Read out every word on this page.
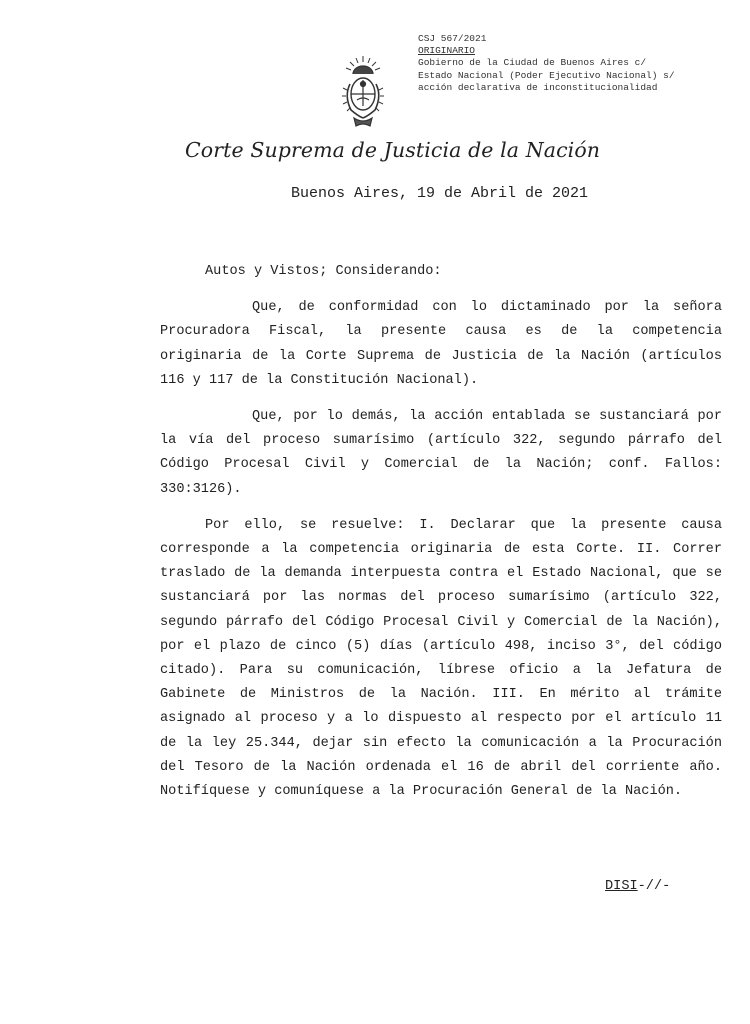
CSJ 567/2021
ORIGINARIO
Gobierno de la Ciudad de Buenos Aires c/
Estado Nacional (Poder Ejecutivo Nacional) s/
acción declarativa de inconstitucionalidad
Corte Suprema de Justicia de la Nación
Buenos Aires, 19 de Abril de 2021

Autos y Vistos; Considerando:

Que, de conformidad con lo dictaminado por la señora Procuradora Fiscal, la presente causa es de la competencia originaria de la Corte Suprema de Justicia de la Nación (artículos 116 y 117 de la Constitución Nacional).

Que, por lo demás, la acción entablada se sustanciará por la vía del proceso sumarísimo (artículo 322, segundo párrafo del Código Procesal Civil y Comercial de la Nación; conf. Fallos: 330:3126).

Por ello, se resuelve: I. Declarar que la presente causa corresponde a la competencia originaria de esta Corte. II. Correr traslado de la demanda interpuesta contra el Estado Nacional, que se sustanciará por las normas del proceso sumarísimo (artículo 322, segundo párrafo del Código Procesal Civil y Comercial de la Nación), por el plazo de cinco (5) días (artículo 498, inciso 3°, del código citado). Para su comunicación, líbrese oficio a la Jefatura de Gabinete de Ministros de la Nación. III. En mérito al trámite asignado al proceso y a lo dispuesto al respecto por el artículo 11 de la ley 25.344, dejar sin efecto la comunicación a la Procuración del Tesoro de la Nación ordenada el 16 de abril del corriente año. Notifíquese y comuníquese a la Procuración General de la Nación.

DISI-//-
